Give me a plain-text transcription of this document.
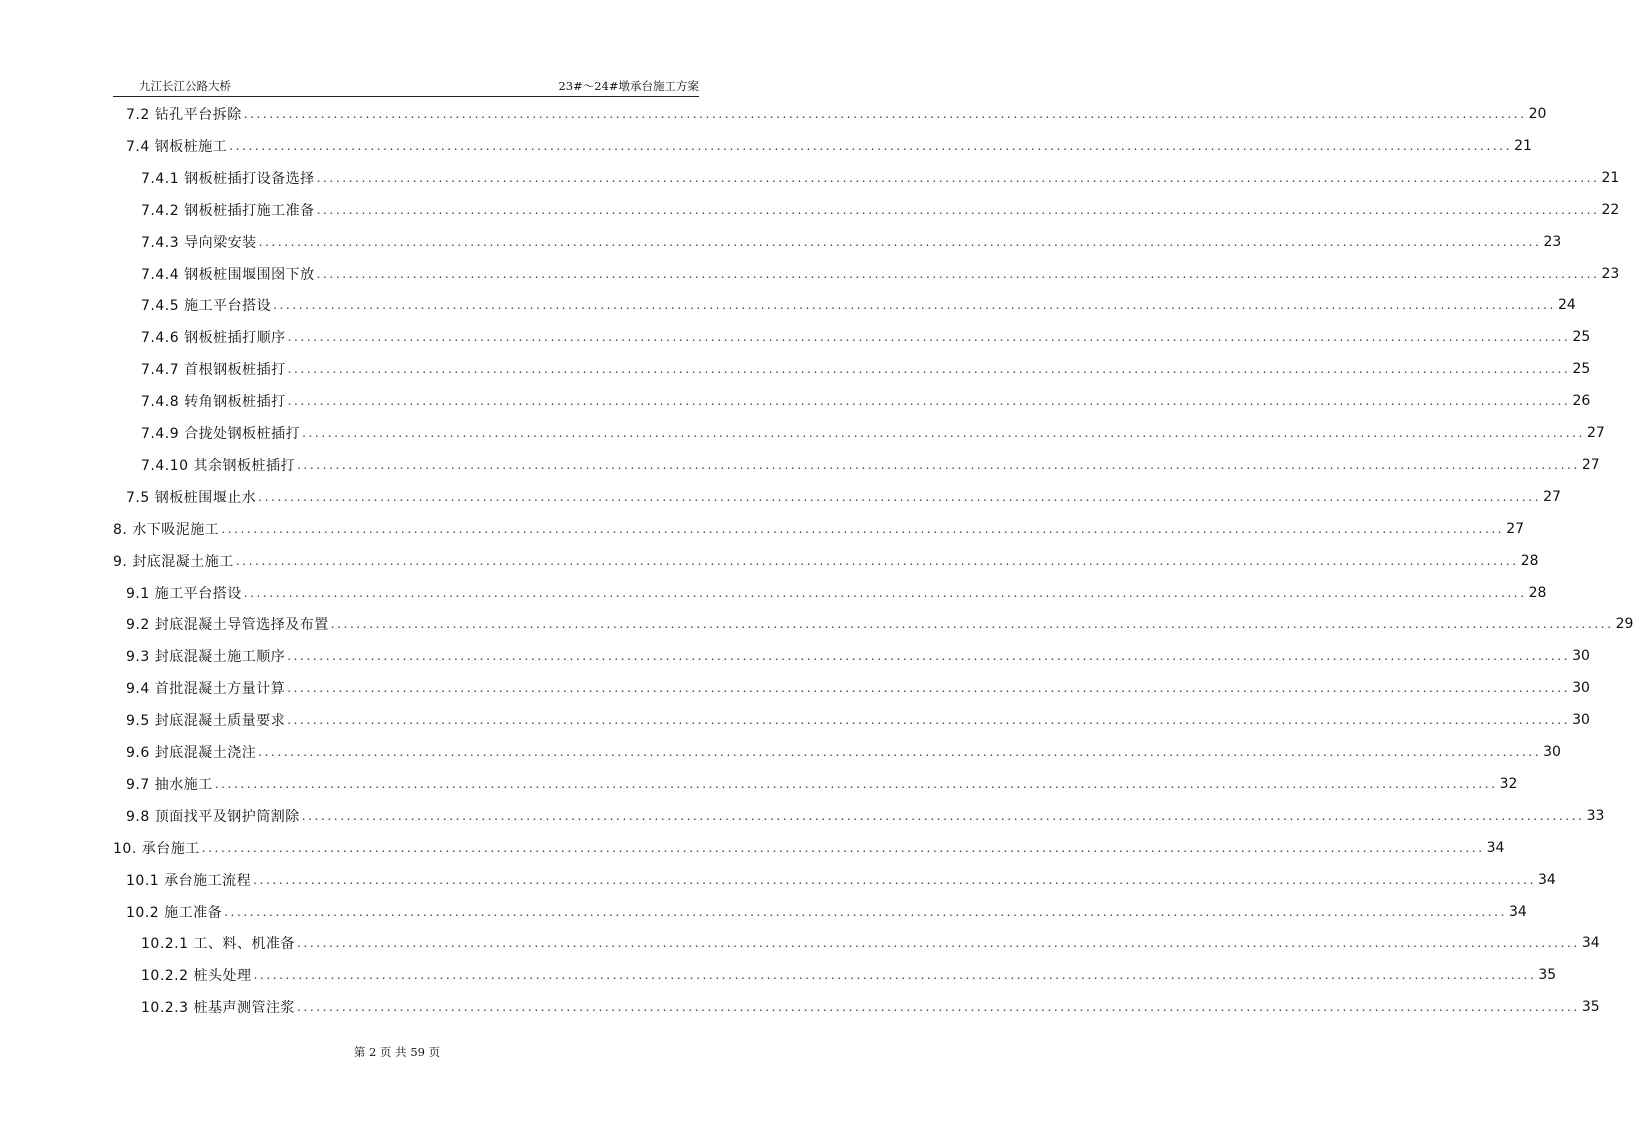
九江长江公路大桥	23#～24#墩承台施工方案
7.2 钻孔平台拆除 ........................................................................................................................................................................................................ 20
7.4 钢板桩施工 ........................................................................................................................................................................................................ 21
7.4.1 钢板桩插打设备选择 ........................................................................................................................................................................................................ 21
7.4.2 钢板桩插打施工准备 ........................................................................................................................................................................................................ 22
7.4.3 导向梁安装 ........................................................................................................................................................................................................ 23
7.4.4 钢板桩围堰围囹下放 ........................................................................................................................................................................................................ 23
7.4.5 施工平台搭设 ........................................................................................................................................................................................................ 24
7.4.6 钢板桩插打顺序 ........................................................................................................................................................................................................ 25
7.4.7 首根钢板桩插打 ........................................................................................................................................................................................................ 25
7.4.8 转角钢板桩插打 ........................................................................................................................................................................................................ 26
7.4.9 合拢处钢板桩插打 ........................................................................................................................................................................................................ 27
7.4.10 其余钢板桩插打 ........................................................................................................................................................................................................ 27
7.5 钢板桩围堰止水 ........................................................................................................................................................................................................ 27
8. 水下吸泥施工 ........................................................................................................................................................................................................ 27
9. 封底混凝土施工 ........................................................................................................................................................................................................ 28
9.1 施工平台搭设 ........................................................................................................................................................................................................ 28
9.2 封底混凝土导管选择及布置 ........................................................................................................................................................................................................ 29
9.3 封底混凝土施工顺序 ........................................................................................................................................................................................................ 30
9.4 首批混凝土方量计算 ........................................................................................................................................................................................................ 30
9.5 封底混凝土质量要求 ........................................................................................................................................................................................................ 30
9.6 封底混凝土浇注 ........................................................................................................................................................................................................ 30
9.7 抽水施工 ........................................................................................................................................................................................................ 32
9.8 顶面找平及钢护筒割除 ........................................................................................................................................................................................................ 33
10. 承台施工 ........................................................................................................................................................................................................ 34
10.1 承台施工流程 ........................................................................................................................................................................................................ 34
10.2 施工准备 ........................................................................................................................................................................................................ 34
10.2.1 工、料、机准备 ........................................................................................................................................................................................................ 34
10.2.2 桩头处理 ........................................................................................................................................................................................................ 35
10.2.3 桩基声测管注浆 ........................................................................................................................................................................................................ 35
第 2 页 共 59 页
